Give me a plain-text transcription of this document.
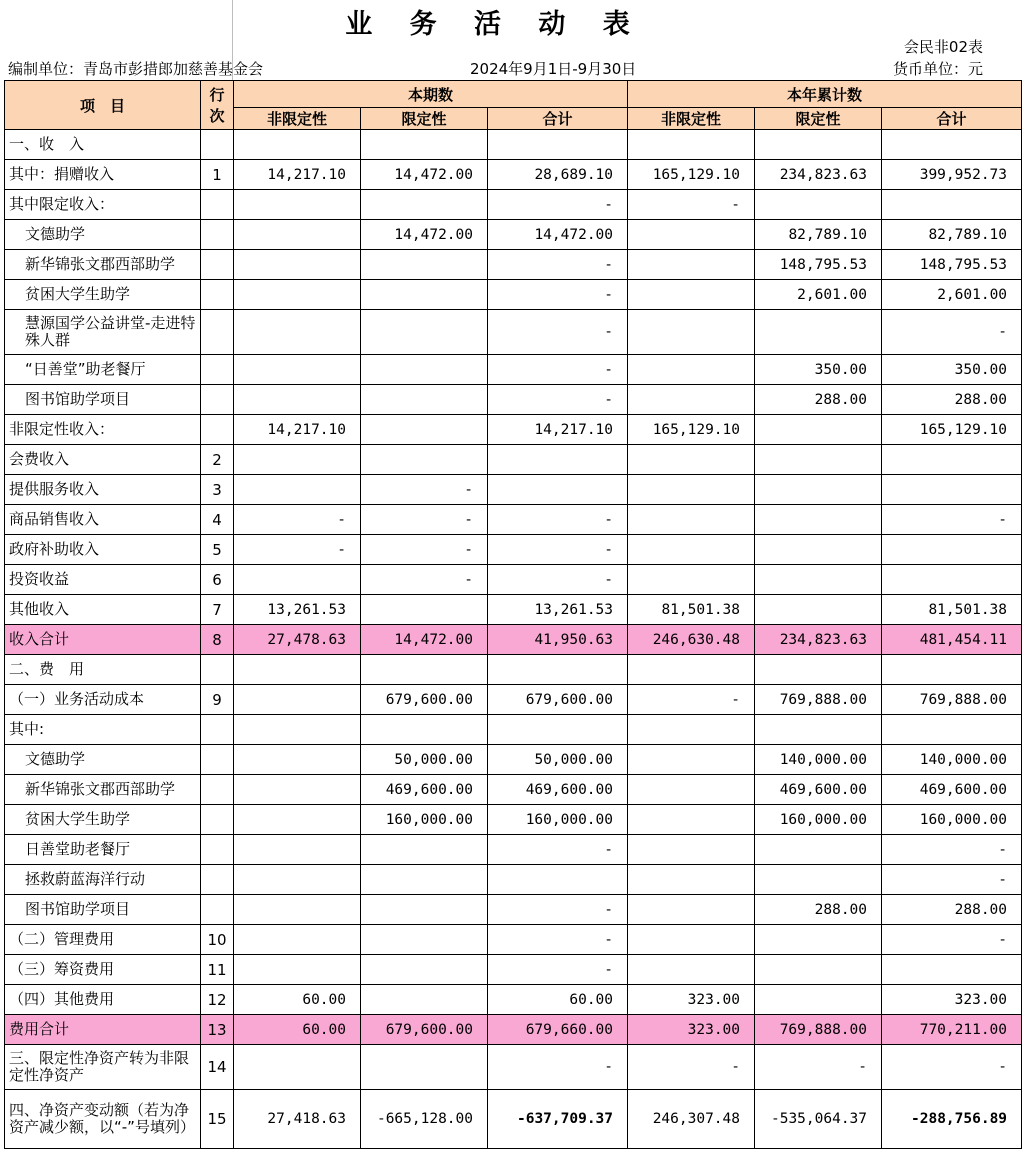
业 务 活 动 表
会民非02表
编制单位：青岛市彭措郎加慈善基金会	2024年9月1日-9月30日	货币单位：元
项　目	行次	本期数			本年累计数		
		非限定性	限定性	合计	非限定性	限定性	合计
一、收　入							
其中：捐赠收入	1	14,217.10	14,472.00	28,689.10	165,129.10	234,823.63	399,952.73
其中限定收入：				-	-		
文德助学			14,472.00	14,472.00		82,789.10	82,789.10
新华锦张文郡西部助学				-		148,795.53	148,795.53
贫困大学生助学				-		2,601.00	2,601.00
慧源国学公益讲堂-走进特殊人群				-			-
“日善堂”助老餐厅				-		350.00	350.00
图书馆助学项目				-		288.00	288.00
非限定性收入：		14,217.10		14,217.10	165,129.10		165,129.10
会费收入	2						
提供服务收入	3		-				
商品销售收入	4	-	-	-			-
政府补助收入	5	-	-	-			
投资收益	6		-	-			
其他收入	7	13,261.53		13,261.53	81,501.38		81,501.38
收入合计	8	27,478.63	14,472.00	41,950.63	246,630.48	234,823.63	481,454.11
二、费　用							
（一）业务活动成本	9		679,600.00	679,600.00	-	769,888.00	769,888.00
其中:							
文德助学			50,000.00	50,000.00		140,000.00	140,000.00
新华锦张文郡西部助学			469,600.00	469,600.00		469,600.00	469,600.00
贫困大学生助学			160,000.00	160,000.00		160,000.00	160,000.00
日善堂助老餐厅				-			-
拯救蔚蓝海洋行动							-
图书馆助学项目				-		288.00	288.00
（二）管理费用	10			-			-
（三）筹资费用	11			-			
（四）其他费用	12	60.00		60.00	323.00		323.00
费用合计	13	60.00	679,600.00	679,660.00	323.00	769,888.00	770,211.00
三、限定性净资产转为非限定性净资产	14			-	-	-	-
四、净资产变动额（若为净资产减少额，以“-”号填列）	15	27,418.63	-665,128.00	-637,709.37	246,307.48	-535,064.37	-288,756.89
